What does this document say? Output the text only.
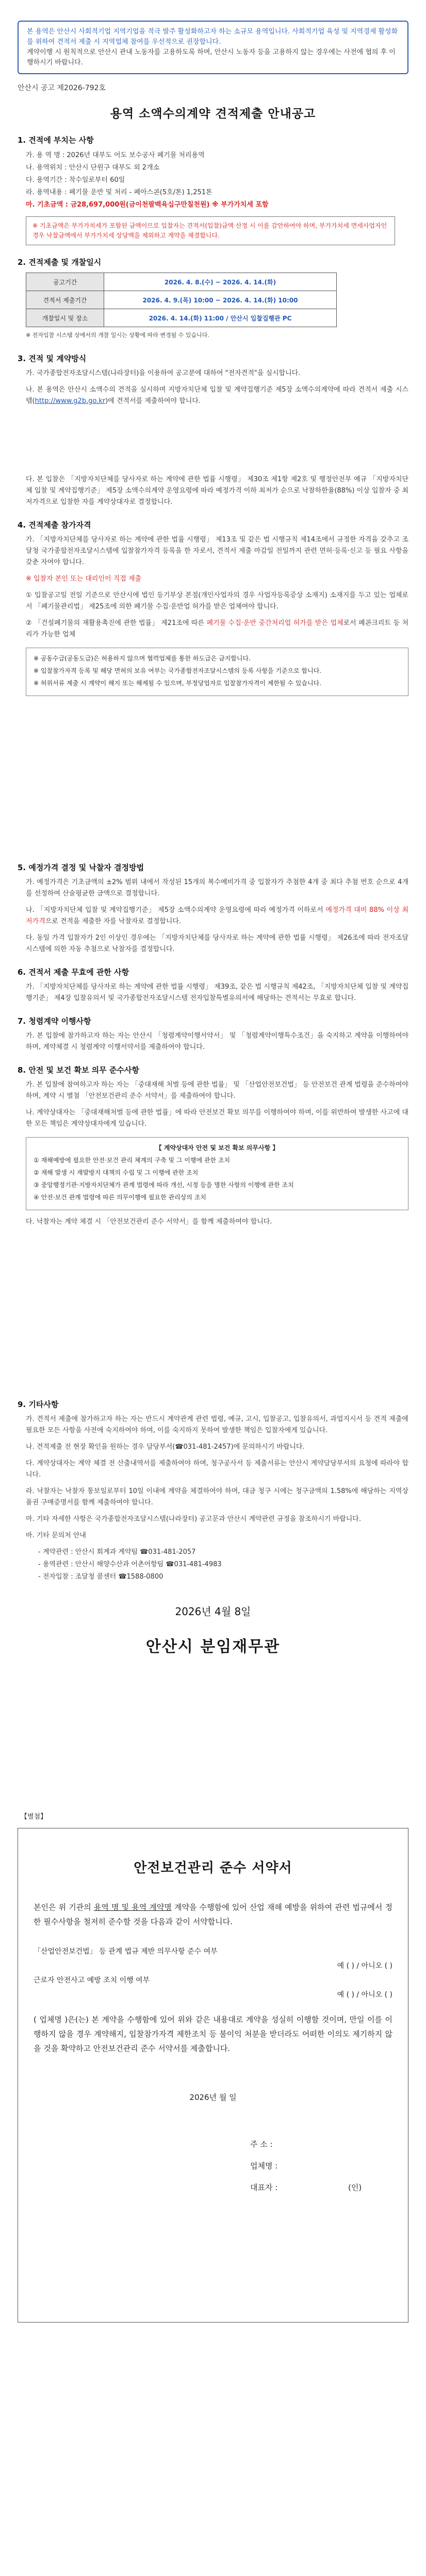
본 용역은 안산시 사회적기업 지역기업을 적극 발주 활성화하고자 하는 소규모 용역입니다. 사회적기업 육성 및 지역경제 활성화를 위하여 견적서 제출 시 지역업체 참여를 우선적으로 권장합니다.
계약이행 시 원칙적으로 안산시 관내 노동자를 고용하도록 하며, 안산시 노동자 등을 고용하지 않는 경우에는 사전에 협의 후 이행하시기 바랍니다.
안산시 공고 제2026-792호
용역 소액수의계약 견적제출 안내공고
1. 견적에 부치는 사항
가. 용 역 명 : 2026년 대부도 어도 보수공사 폐기물 처리용역
나. 용역위치 : 안산시 단원구 대부도 외 2개소
다. 용역기간 : 착수일로부터 60일
라. 용역내용 : 폐기물 운반 및 처리 - 폐아스콘(5호/톤) 1,251톤
마. 기초금액 : 금28,697,000원(금이천팔백육십구만칠천원) ※ 부가가치세 포함
※ 기초금액은 부가가치세가 포함된 금액이므로 입찰자는 견적서(입찰)금액 산정 시 이를 감안하여야 하며, 부가가치세 면세사업자인 경우 낙찰금액에서 부가가치세 상당액을 제외하고 계약을 체결합니다.
2. 견적제출 및 개찰일시
공고기간	2026. 4. 8.(수) ~ 2026. 4. 14.(화)
견적서 제출기간	2026. 4. 9.(목) 10:00 ~ 2026. 4. 14.(화) 10:00
개찰일시 및 장소	2026. 4. 14.(화) 11:00 / 안산시 입찰집행관 PC
※ 전자입찰 시스템 상에서의 개찰 일시는 상황에 따라 변경될 수 있습니다.
3. 견적 및 계약방식
가. 국가종합전자조달시스템(나라장터)을 이용하여 공고분에 대하여 "전자견적"을 실시합니다.
나. 본 용역은 안산시 소액수의 견적을 실시하며 지방자치단체 입찰 및 계약집행기준 제5장 소액수의계약에 따라 견적서 제출 시스템(http://www.g2b.go.kr)에 견적서를 제출하여야 합니다.
다. 본 입찰은 「지방자치단체를 당사자로 하는 계약에 관한 법률 시행령」 제30조 제1항 제2호 및 행정안전부 예규 「지방자치단체 입찰 및 계약집행기준」 제5장 소액수의계약 운영요령에 따라 예정가격 이하 최저가 순으로 낙찰하한율(88%) 이상 입찰자 중 최저가격으로 입찰한 자를 계약상대자로 결정합니다.
4. 견적제출 참가자격
가. 「지방자치단체를 당사자로 하는 계약에 관한 법률 시행령」 제13조 및 같은 법 시행규칙 제14조에서 규정한 자격을 갖추고 조달청 국가종합전자조달시스템에 입찰참가자격 등록을 한 자로서, 견적서 제출 마감일 전일까지 관련 면허·등록·신고 등 필요 사항을 갖춘 자여야 합니다.
※ 입찰자 본인 또는 대리인이 직접 제출
① 입찰공고일 전일 기준으로 안산시에 법인 등기부상 본점(개인사업자의 경우 사업자등록증상 소재지) 소재지를 두고 있는 업체로서 「폐기물관리법」 제25조에 의한 폐기물 수집·운반업 허가를 받은 업체여야 합니다.
② 「건설폐기물의 재활용촉진에 관한 법률」 제21조에 따른 폐기물 수집·운반 중간처리업 허가를 받은 업체로서 폐콘크리트 등 처리가 가능한 업체

※ 공동수급(공동도급)은 허용하지 않으며 협력업체를 통한 하도급은 금지합니다.

※ 입찰참가자격 등록 및 해당 면허의 보유 여부는 국가종합전자조달시스템의 등록 사항을 기준으로 합니다.

※ 허위서류 제출 시 계약이 해지 또는 해제될 수 있으며, 부정당업자로 입찰참가자격이 제한될 수 있습니다.

5. 예정가격 결정 및 낙찰자 결정방법
가. 예정가격은 기초금액의 ±2% 범위 내에서 작성된 15개의 복수예비가격 중 입찰자가 추첨한 4개 중 최다 추첨 번호 순으로 4개를 선정하여 산술평균한 금액으로 결정합니다.
나. 「지방자치단체 입찰 및 계약집행기준」 제5장 소액수의계약 운영요령에 따라 예정가격 이하로서 예정가격 대비 88% 이상 최저가격으로 견적을 제출한 자를 낙찰자로 결정합니다.
다. 동일 가격 입찰자가 2인 이상인 경우에는 「지방자치단체를 당사자로 하는 계약에 관한 법률 시행령」 제26조에 따라 전자조달시스템에 의한 자동 추첨으로 낙찰자를 결정합니다.
6. 견적서 제출 무효에 관한 사항
가. 「지방자치단체를 당사자로 하는 계약에 관한 법률 시행령」 제39조, 같은 법 시행규칙 제42조, 「지방자치단체 입찰 및 계약집행기준」 제4장 입찰유의서 및 국가종합전자조달시스템 전자입찰특별유의서에 해당하는 견적서는 무효로 합니다.
7. 청렴계약 이행사항
가. 본 입찰에 참가하고자 하는 자는 안산시 「청렴계약이행서약서」 및 「청렴계약이행특수조건」을 숙지하고 계약을 이행하여야 하며, 계약체결 시 청렴계약 이행서약서를 제출하여야 합니다.
8. 안전 및 보건 확보 의무 준수사항
가. 본 입찰에 참여하고자 하는 자는 「중대재해 처벌 등에 관한 법률」 및 「산업안전보건법」 등 안전보건 관계 법령을 준수하여야 하며, 계약 시 별첨 「안전보건관리 준수 서약서」를 제출하여야 합니다.
나. 계약상대자는 「중대재해처벌 등에 관한 법률」에 따라 안전보건 확보 의무를 이행하여야 하며, 이를 위반하여 발생한 사고에 대한 모든 책임은 계약상대자에게 있습니다.

【 계약상대자 안전 및 보건 확보 의무사항 】

① 재해예방에 필요한 안전·보건 관리 체계의 구축 및 그 이행에 관한 조치

② 재해 발생 시 재발방지 대책의 수립 및 그 이행에 관한 조치

③ 중앙행정기관·지방자치단체가 관계 법령에 따라 개선, 시정 등을 명한 사항의 이행에 관한 조치

④ 안전·보건 관계 법령에 따른 의무이행에 필요한 관리상의 조치

다. 낙찰자는 계약 체결 시 「안전보건관리 준수 서약서」를 함께 제출하여야 합니다.
9. 기타사항
가. 견적서 제출에 참가하고자 하는 자는 반드시 계약관계 관련 법령, 예규, 고시, 입찰공고, 입찰유의서, 과업지시서 등 견적 제출에 필요한 모든 사항을 사전에 숙지하여야 하며, 이를 숙지하지 못하여 발생한 책임은 입찰자에게 있습니다.
나. 견적제출 전 현장 확인을 원하는 경우 담당부서(☎031-481-2457)에 문의하시기 바랍니다.
다. 계약상대자는 계약 체결 전 산출내역서를 제출하여야 하며, 청구공사서 등 제출서류는 안산시 계약담당부서의 요청에 따라야 합니다.
라. 낙찰자는 낙찰자 통보일로부터 10일 이내에 계약을 체결하여야 하며, 대금 청구 시에는 청구금액의 1.58%에 해당하는 지역상품권 구매증명서를 함께 제출하여야 합니다.
마. 기타 자세한 사항은 국가종합전자조달시스템(나라장터) 공고문과 안산시 계약관련 규정을 참조하시기 바랍니다.
바. 기타 문의처 안내
- 계약관련 : 안산시 회계과 계약팀 ☎031-481-2057
- 용역관련 : 안산시 해양수산과 어촌어항팀 ☎031-481-4983
- 전자입찰 : 조달청 콜센터 ☎1588-0800
2026년 4월 8일
안산시 분임재무관
【별첨】
안전보건관리 준수 서약서
본인은 위 기관의 용역 명 및 용역 계약명 계약을 수행함에 있어 산업 재해 예방을 위하여 관련 법규에서 정한 필수사항을 철저히 준수할 것을 다음과 같이 서약합니다.
「산업안전보건법」 등 관계 법규 제반 의무사항 준수 여부
예 ( ) / 아니오 ( )
근로자 안전사고 예방 조치 이행 여부
예 ( ) / 아니오 ( )
( 업체명 )은(는) 본 계약을 수행함에 있어 위와 같은 내용대로 계약을 성실히 이행할 것이며, 만일 이를 이행하지 않을 경우 계약해지, 입찰참가자격 제한조치 등 불이익 처분을 받더라도 어떠한 이의도 제기하지 않을 것을 확약하고 안전보건관리 준수 서약서를 제출합니다.
2026년 월 일
주 소 :
업체명 :
대표자 :	(인)
